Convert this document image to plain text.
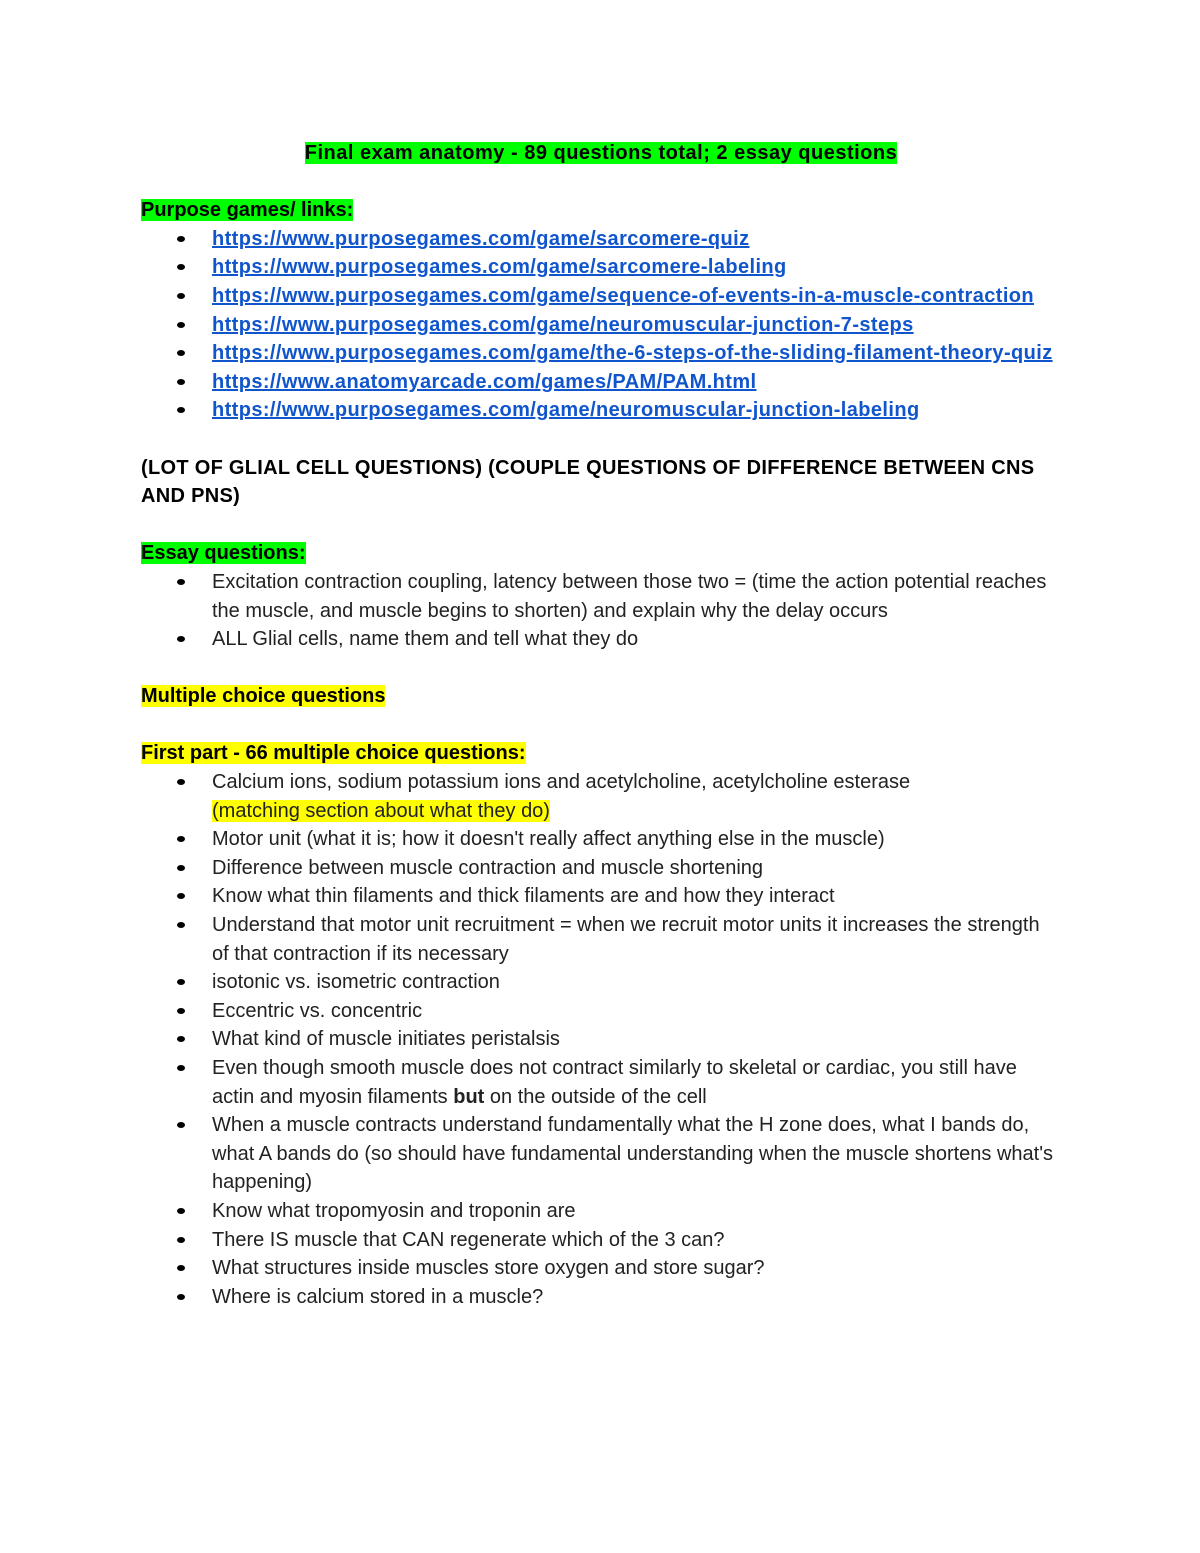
Final exam anatomy - 89 questions total; 2 essay questions
Purpose games/ links:
https://www.purposegames.com/game/sarcomere-quiz
https://www.purposegames.com/game/sarcomere-labeling
https://www.purposegames.com/game/sequence-of-events-in-a-muscle-contraction
https://www.purposegames.com/game/neuromuscular-junction-7-steps
https://www.purposegames.com/game/the-6-steps-of-the-sliding-filament-theory-quiz
https://www.anatomyarcade.com/games/PAM/PAM.html
https://www.purposegames.com/game/neuromuscular-junction-labeling
(LOT OF GLIAL CELL QUESTIONS) (COUPLE QUESTIONS OF DIFFERENCE BETWEEN CNS AND PNS)
Essay questions:
Excitation contraction coupling, latency between those two = (time the action potential reaches the muscle, and muscle begins to shorten) and explain why the delay occurs
ALL Glial cells, name them and tell what they do
Multiple choice questions
First part - 66 multiple choice questions:
Calcium ions, sodium potassium ions and acetylcholine, acetylcholine esterase
(matching section about what they do)
Motor unit (what it is; how it doesn't really affect anything else in the muscle)
Difference between muscle contraction and muscle shortening
Know what thin filaments and thick filaments are and how they interact
Understand that motor unit recruitment = when we recruit motor units it increases the strength of that contraction if its necessary
isotonic vs. isometric contraction
Eccentric vs. concentric
What kind of muscle initiates peristalsis
Even though smooth muscle does not contract similarly to skeletal or cardiac, you still have actin and myosin filaments but on the outside of the cell
When a muscle contracts understand fundamentally what the H zone does, what I bands do, what A bands do (so should have fundamental understanding when the muscle shortens what's happening)
Know what tropomyosin and troponin are
There IS muscle that CAN regenerate which of the 3 can?
What structures inside muscles store oxygen and store sugar?
Where is calcium stored in a muscle?
